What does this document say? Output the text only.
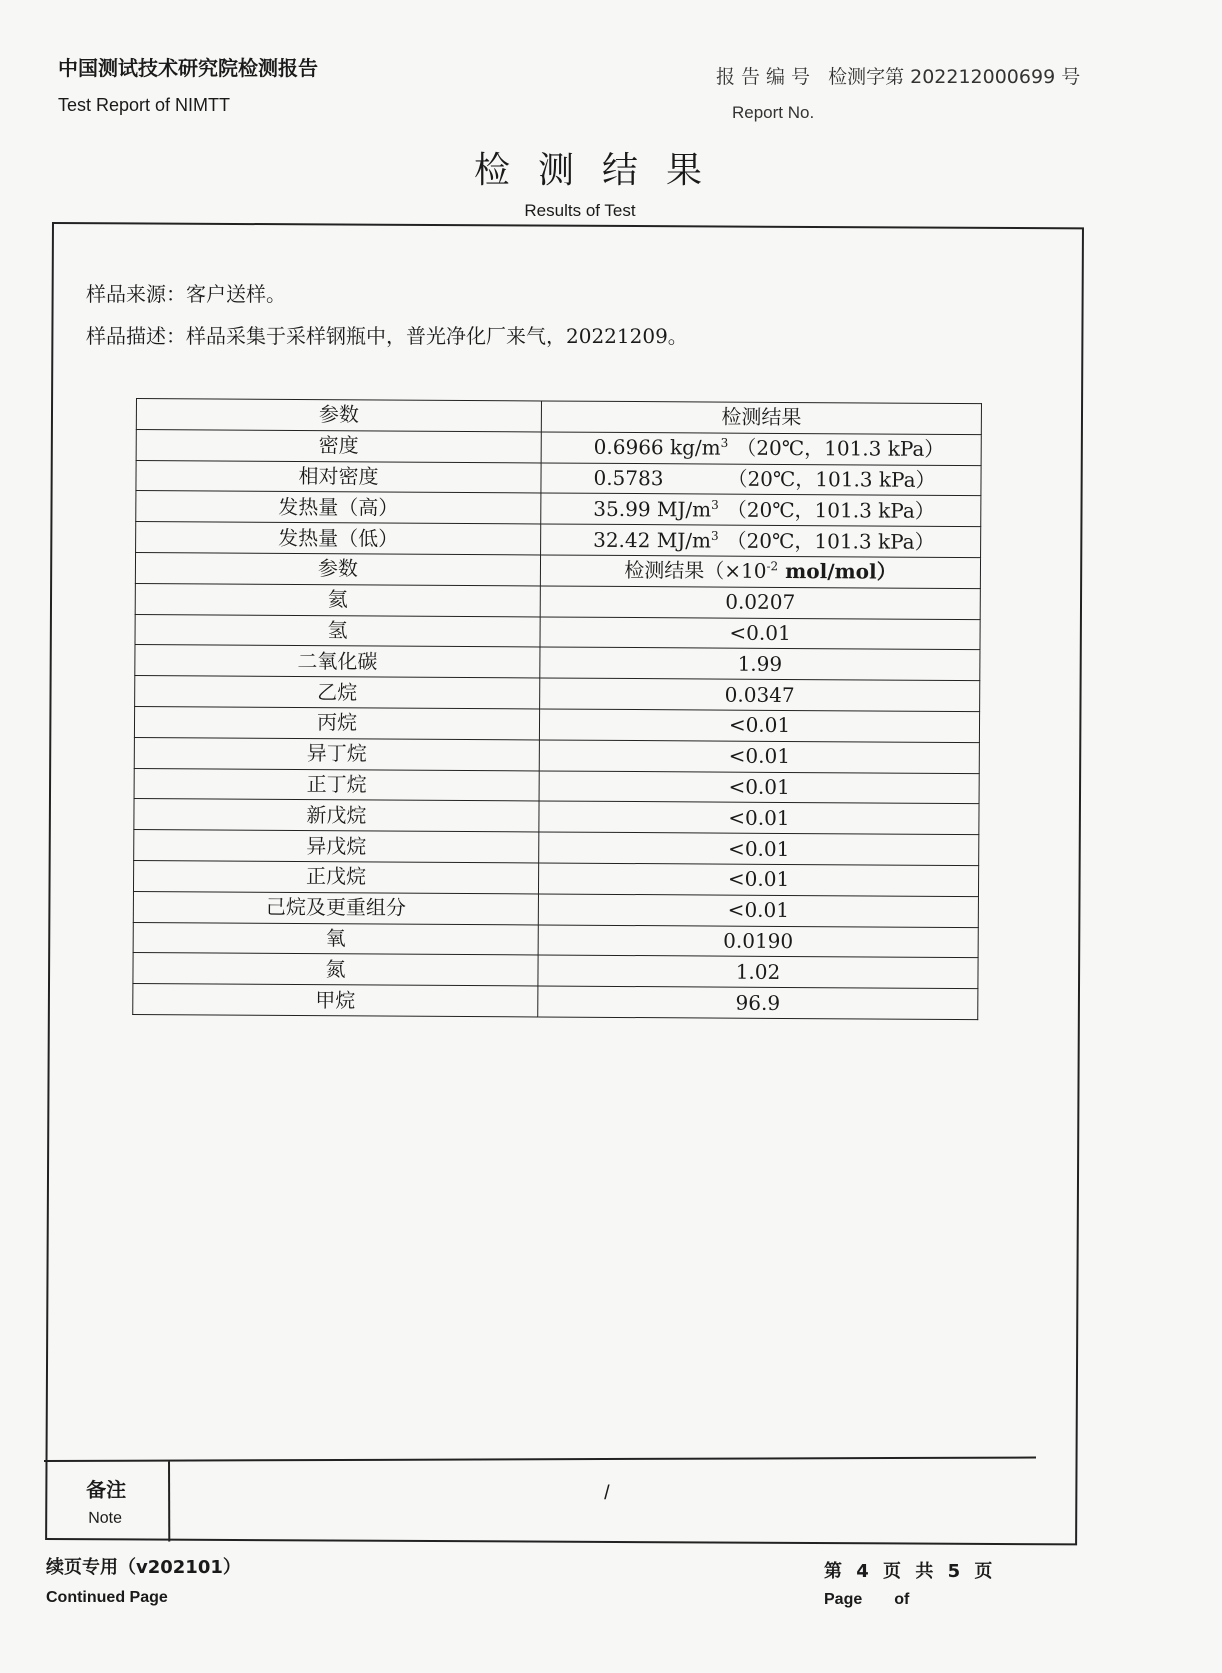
中国测试技术研究院检测报告
Test Report of NIMTT
报告编号 检测字第 202212000699 号
Report No.
检测结果
Results of Test
样品来源：客户送样。
样品描述：样品采集于采样钢瓶中，普光净化厂来气，20221209。
参数	检测结果
密度	0.6966 $kg/m^3$ （20℃，101.3 kPa）
相对密度	0.5783 （20℃，101.3 kPa）
发热量（高）	35.99 $MJ/m^3$ （20℃，101.3 kPa）
发热量（低）	32.42 $MJ/m^3$ （20℃，101.3 kPa）
参数	检测结果（$\times 10^{-2}$ mol/mol）
氦	0.0207
氢	<0.01
二氧化碳	1.99
乙烷	0.0347
丙烷	<0.01
异丁烷	<0.01
正丁烷	<0.01
新戊烷	<0.01
异戊烷	<0.01
正戊烷	<0.01
己烷及更重组分	<0.01
氧	0.0190
氮	1.02
甲烷	96.9
备注
Note
/
续页专用（v202101）
Continued Page
第 4 页 共 5 页
Page of
